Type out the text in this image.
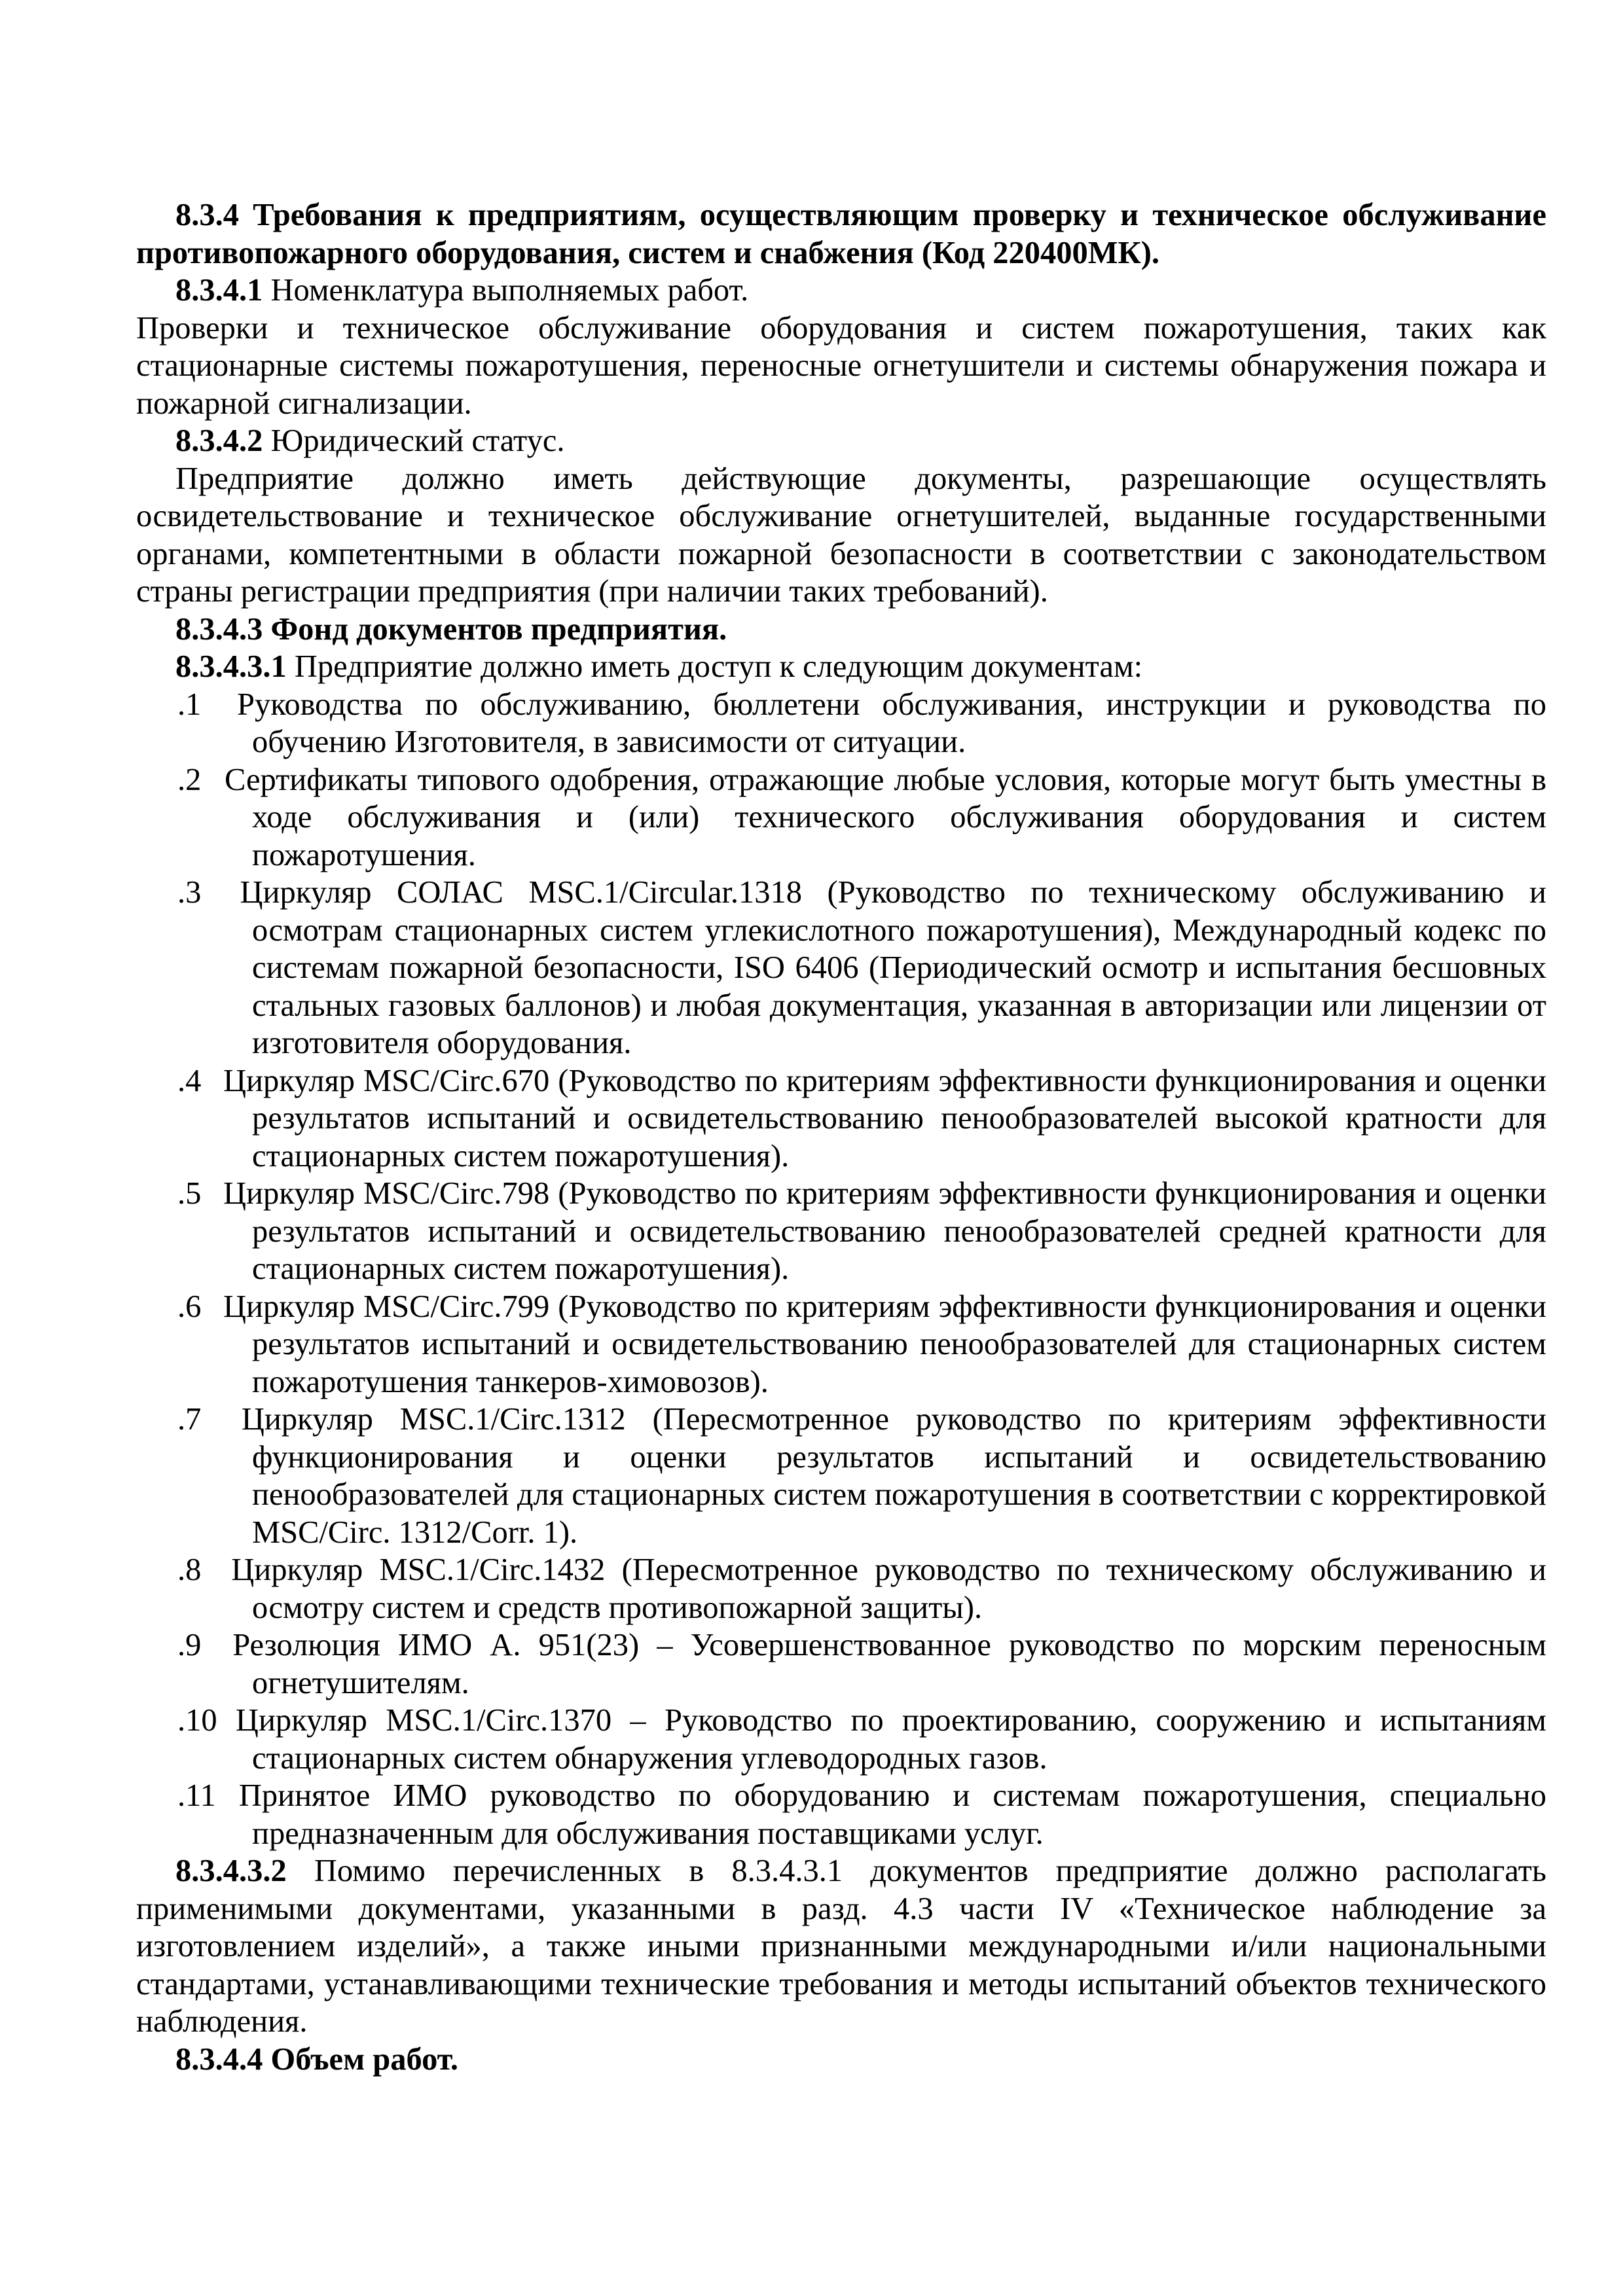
8.3.4 Требования к предприятиям, осуществляющим проверку и техническое обслуживание противопожарного оборудования, систем и снабжения (Код 220400МК).

8.3.4.1 Номенклатура выполняемых работ.

Проверки и техническое обслуживание оборудования и систем пожаротушения, таких как стационарные системы пожаротушения, переносные огнетушители и системы обнаружения пожара и пожарной сигнализации.

8.3.4.2 Юридический статус.

Предприятие должно иметь действующие документы, разрешающие осуществлять освидетельствование и техническое обслуживание огнетушителей, выданные государственными органами, компетентными в области пожарной безопасности в соответствии с законодательством страны регистрации предприятия (при наличии таких требований).

8.3.4.3 Фонд документов предприятия.

8.3.4.3.1 Предприятие должно иметь доступ к следующим документам:

.1 Руководства по обслуживанию, бюллетени обслуживания, инструкции и руководства по обучению Изготовителя, в зависимости от ситуации.

.2 Сертификаты типового одобрения, отражающие любые условия, которые могут быть уместны в ходе обслуживания и (или) технического обслуживания оборудования и систем пожаротушения.

.3 Циркуляр СОЛАС MSC.1/Circular.1318 (Руководство по техническому обслуживанию и осмотрам стационарных систем углекислотного пожаротушения), Международный кодекс по системам пожарной безопасности, ISO 6406 (Периодический осмотр и испытания бесшовных стальных газовых баллонов) и любая документация, указанная в авторизации или лицензии от изготовителя оборудования.

.4 Циркуляр MSC/Circ.670 (Руководство по критериям эффективности функционирования и оценки результатов испытаний и освидетельствованию пенообразователей высокой кратности для стационарных систем пожаротушения).

.5 Циркуляр MSC/Circ.798 (Руководство по критериям эффективности функционирования и оценки результатов испытаний и освидетельствованию пенообразователей средней кратности для стационарных систем пожаротушения).

.6 Циркуляр MSC/Circ.799 (Руководство по критериям эффективности функционирования и оценки результатов испытаний и освидетельствованию пенообразователей для стационарных систем пожаротушения танкеров-химовозов).

.7 Циркуляр MSC.1/Circ.1312 (Пересмотренное руководство по критериям эффективности функционирования и оценки результатов испытаний и освидетельствованию пенообразователей для стационарных систем пожаротушения в соответствии с корректировкой MSC/Circ. 1312/Corr. 1).

.8 Циркуляр MSC.1/Circ.1432 (Пересмотренное руководство по техническому обслуживанию и осмотру систем и средств противопожарной защиты).

.9 Резолюция ИМО А. 951(23) – Усовершенствованное руководство по морским переносным огнетушителям.

.10 Циркуляр MSC.1/Circ.1370 – Руководство по проектированию, сооружению и испытаниям стационарных систем обнаружения углеводородных газов.

.11 Принятое ИМО руководство по оборудованию и системам пожаротушения, специально предназначенным для обслуживания поставщиками услуг.

8.3.4.3.2 Помимо перечисленных в 8.3.4.3.1 документов предприятие должно располагать применимыми документами, указанными в разд. 4.3 части IV «Техническое наблюдение за изготовлением изделий», а также иными признанными международными и/или национальными стандартами, устанавливающими технические требования и методы испытаний объектов технического наблюдения.

8.3.4.4 Объем работ.
